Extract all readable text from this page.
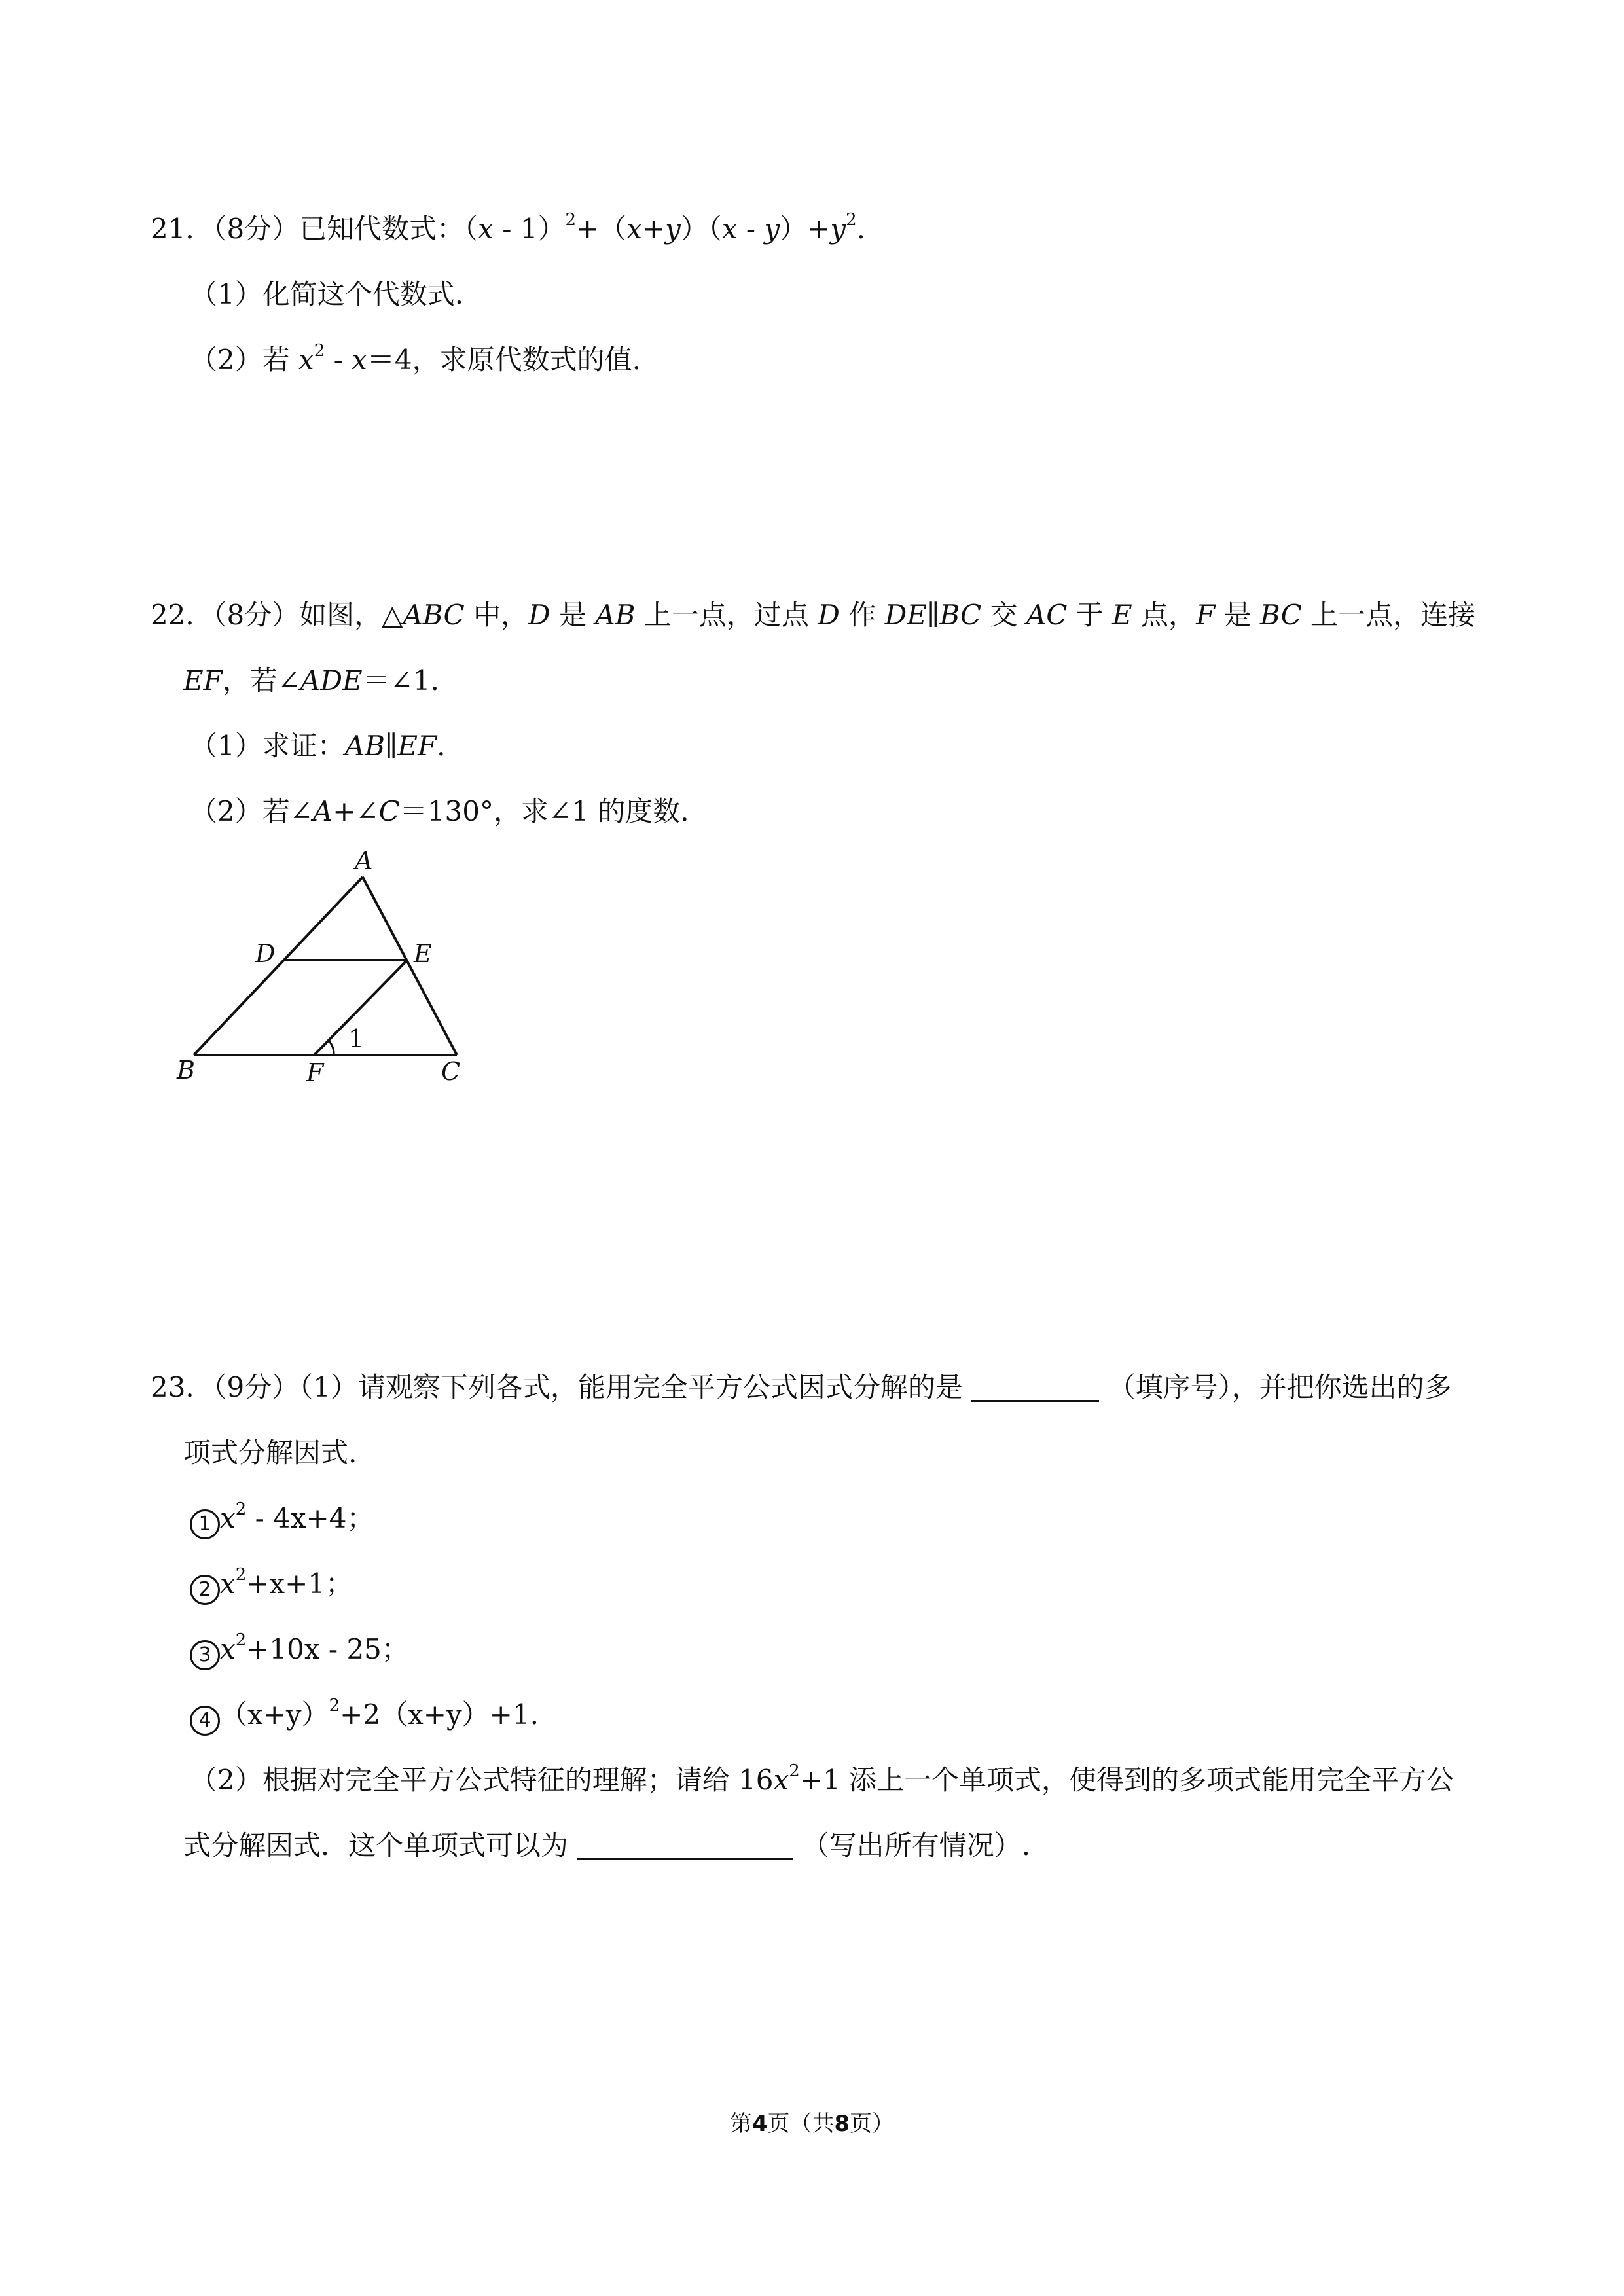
21．（8分）已知代数式：$(x - 1)^2+(x+y)(x - y)+y^2$.
（1）化简这个代数式.
（2）若 $x^2 - x=4$，求原代数式的值.
22．（8分）如图，△ABC 中，D 是 AB 上一点，过点 D 作 DE∥BC 交 AC 于 E 点，F 是 BC 上一点，连接
EF，若∠ADE＝∠1.
（1）求证：AB∥EF.
（2）若∠A+∠C＝130°，求∠1 的度数.
A
D	E
B	F	C
1
23．（9分）（1）请观察下列各式，能用完全平方公式因式分解的是	（填序号），并把你选出的多
项式分解因式.
1 $x^2 - 4x+4$；
2 $x^2+x+1$；
3 $x^2+10x - 25$；
4 $(x+y)^2+2(x+y)+1$.
（2）根据对完全平方公式特征的理解；请给 $16x^2+1$ 添上一个单项式，使得到的多项式能用完全平方公
式分解因式．这个单项式可以为	（写出所有情况）.
第4页（共8页）
